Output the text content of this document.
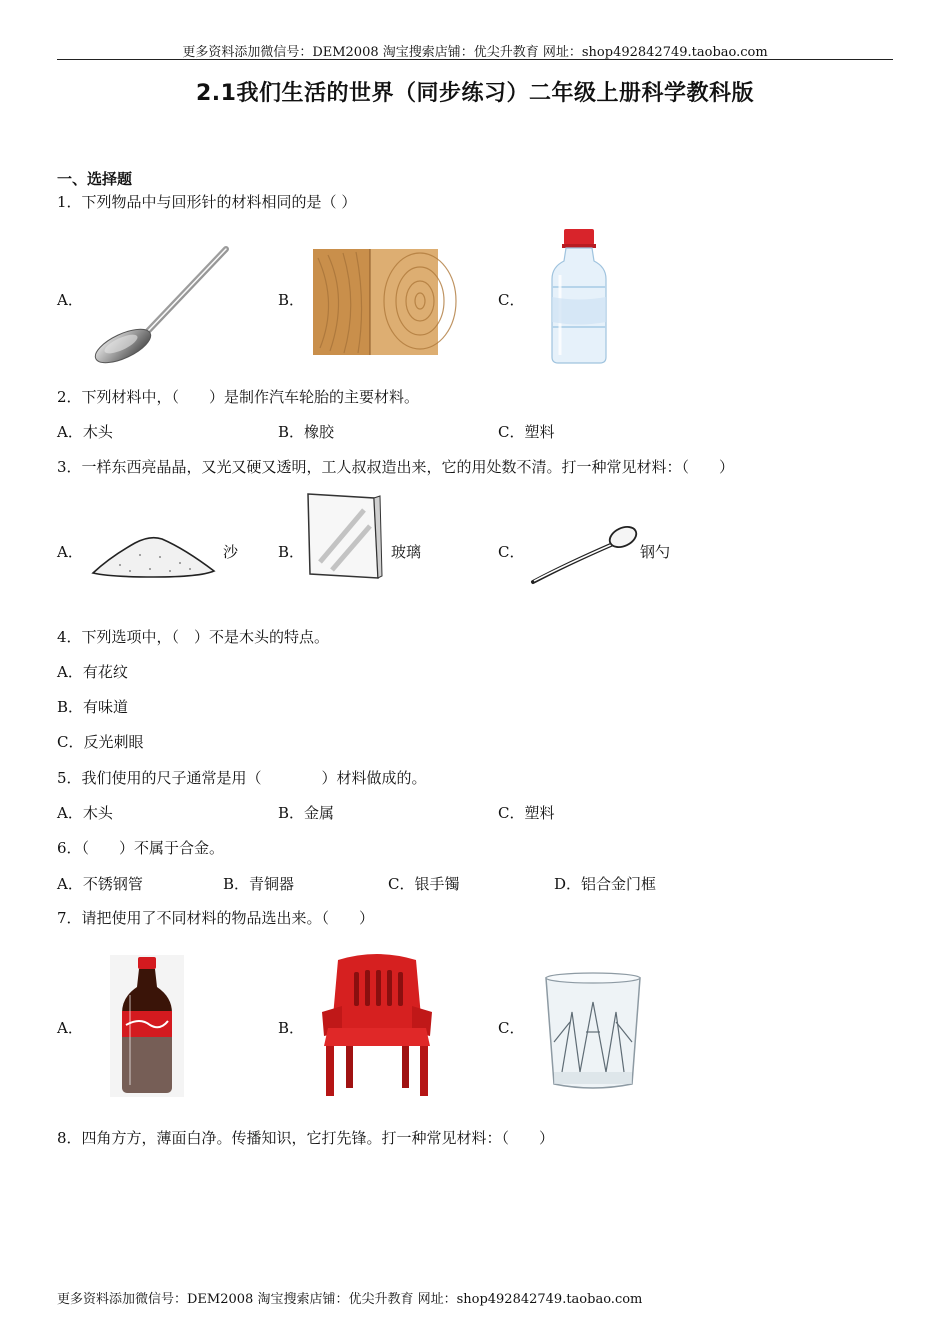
更多资料添加微信号：DEM2008 淘宝搜索店铺：优尖升教育 网址：shop492842749.taobao.com
2.1我们生活的世界（同步练习）二年级上册科学教科版
一、选择题
1．下列物品中与回形针的材料相同的是（ ）
A．	B．	C．
2．下列材料中，（　　）是制作汽车轮胎的主要材料。
A．木头	B．橡胶	C．塑料
3．一样东西亮晶晶，又光又硬又透明，工人叔叔造出来，它的用处数不清。打一种常见材料：（　　）
A．	沙	B．	玻璃	C．	钢勺
4．下列选项中，（　）不是木头的特点。
A．有花纹
B．有味道
C．反光刺眼
5．我们使用的尺子通常是用（　　　　）材料做成的。
A．木头	B．金属	C．塑料
6．（　　）不属于合金。
A．不锈钢管	B．青铜器	C．银手镯	D．铝合金门框
7．请把使用了不同材料的物品选出来。（　　）
A．	B．	C．
8．四角方方，薄面白净。传播知识，它打先锋。打一种常见材料：（　　）
更多资料添加微信号：DEM2008 淘宝搜索店铺：优尖升教育 网址：shop492842749.taobao.com
